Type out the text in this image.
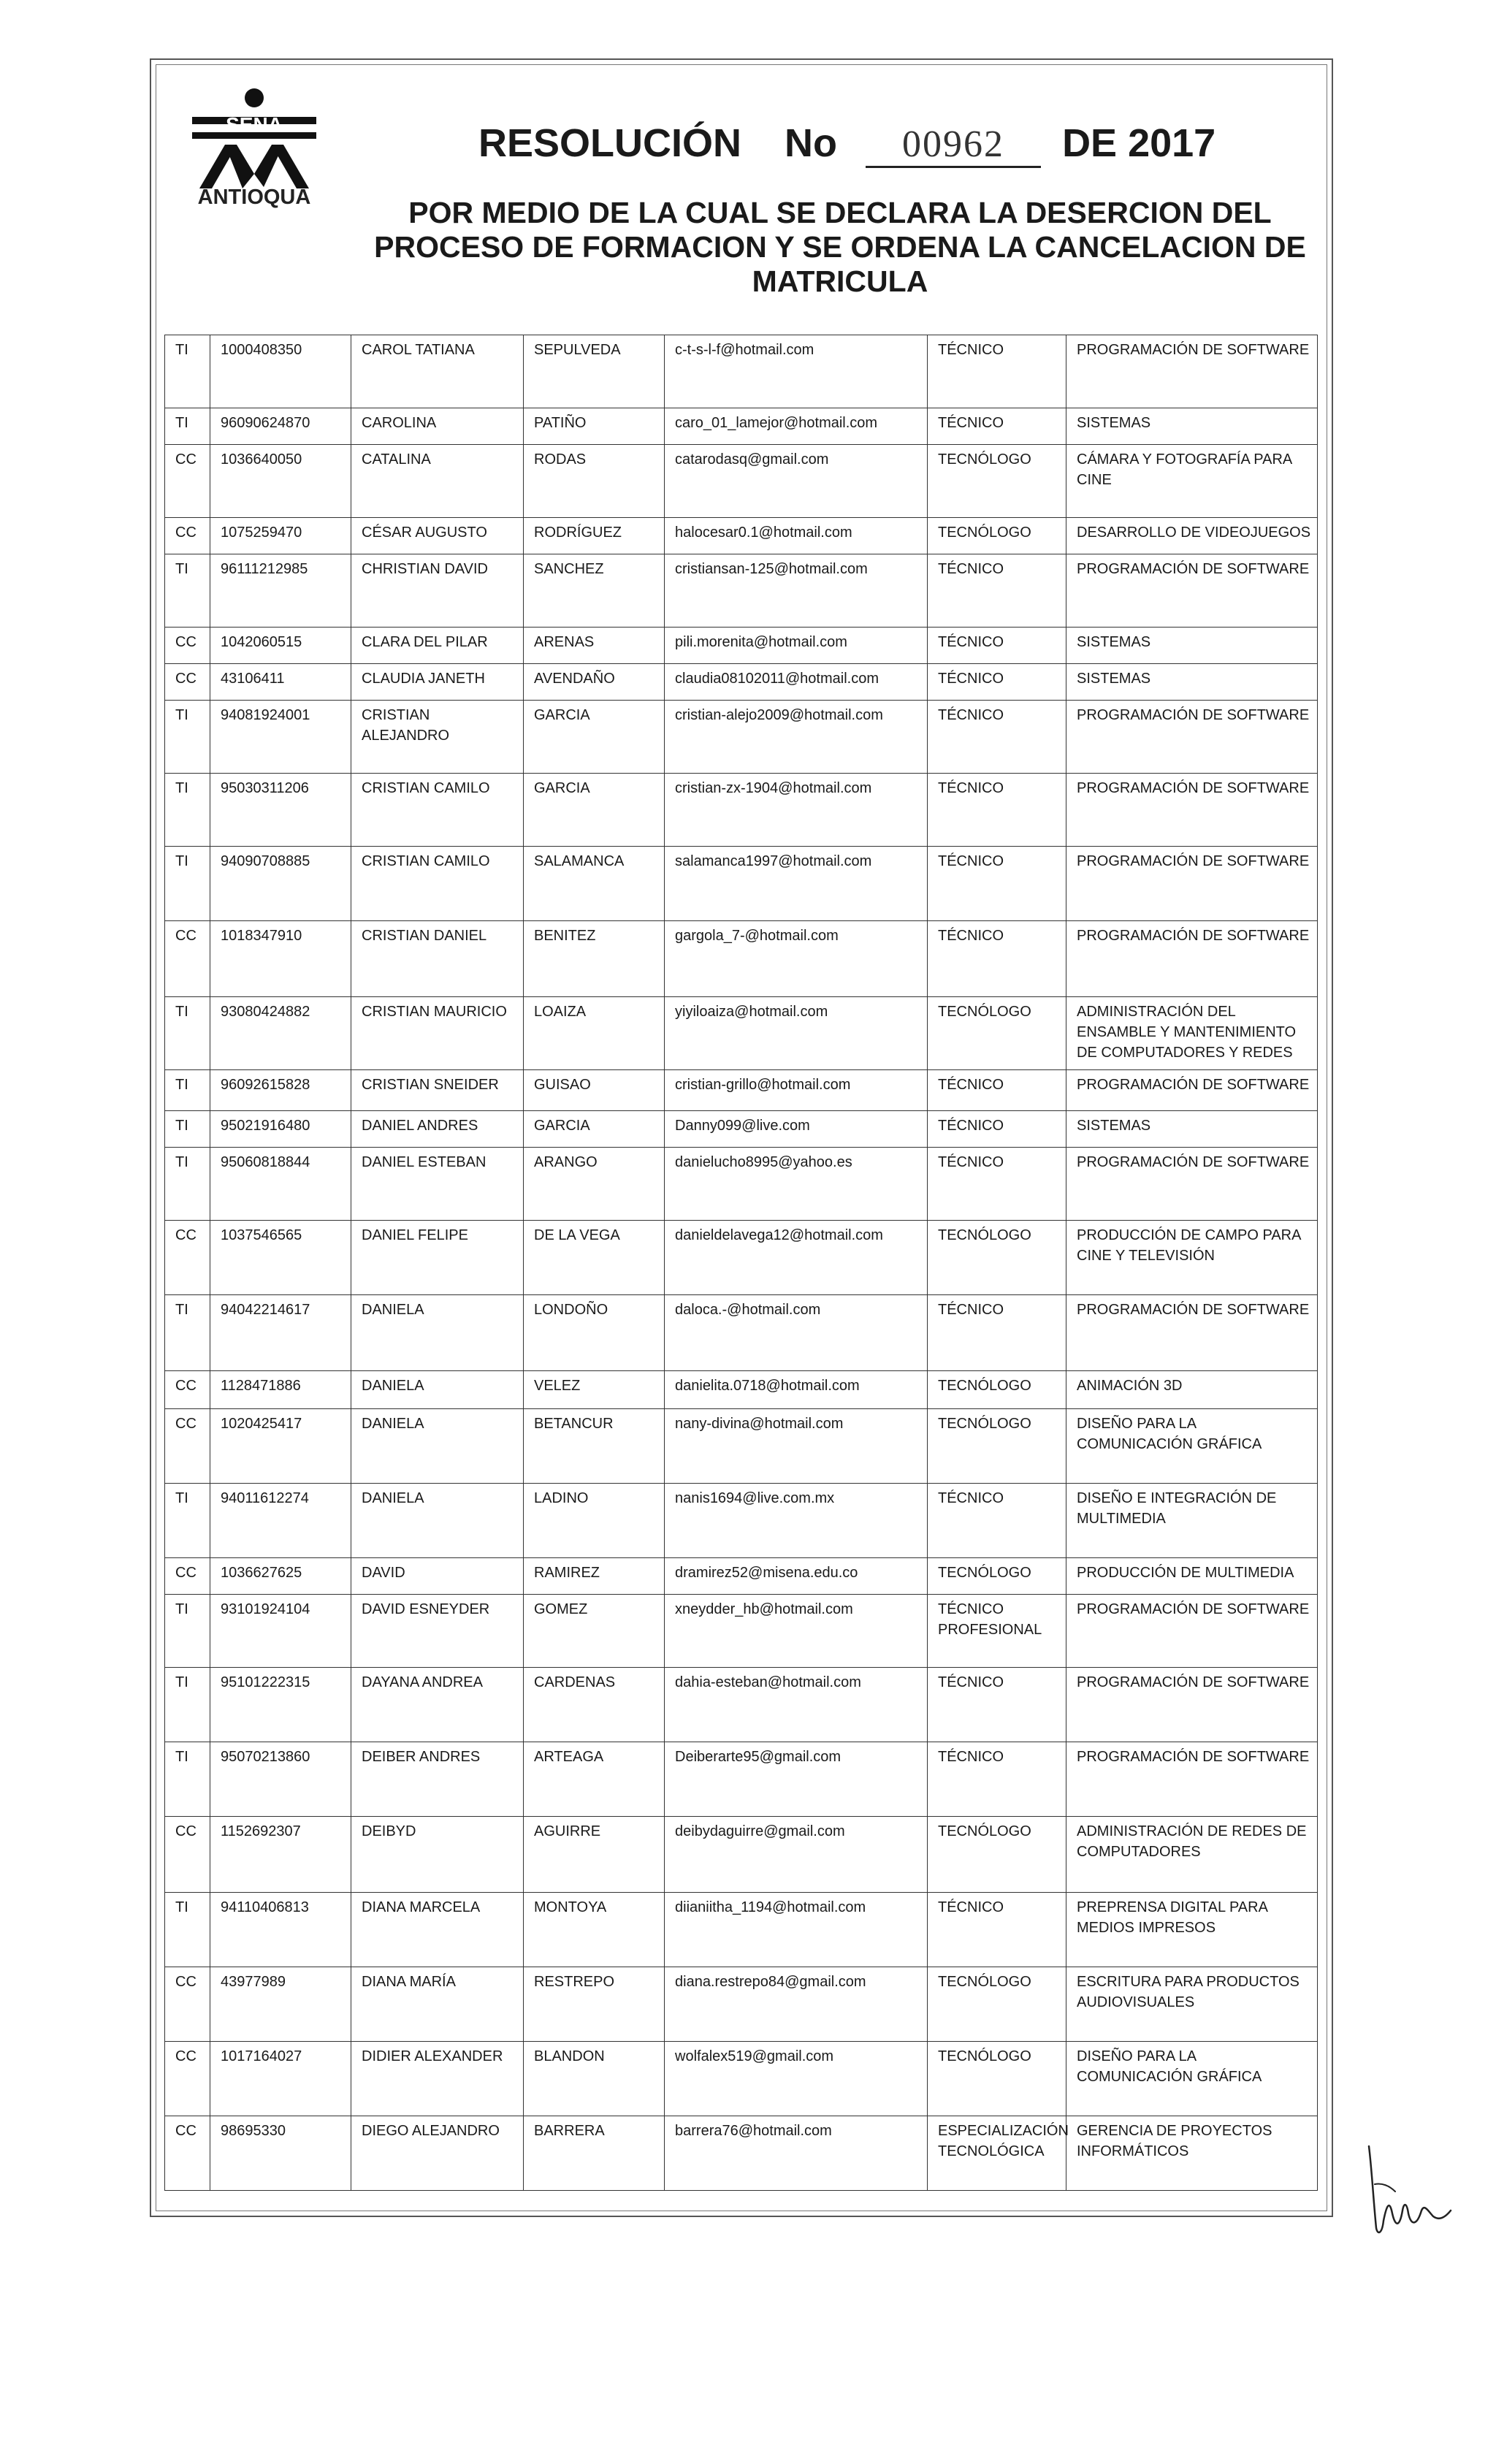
SENA
ANTIOQUA
RESOLUCIÓN No 00962 DE 2017
POR MEDIO DE LA CUAL SE DECLARA LA DESERCION DEL
PROCESO DE FORMACION Y SE ORDENA LA CANCELACION DE
MATRICULA
TI	1000408350	CAROL TATIANA	SEPULVEDA	c-t-s-l-f@hotmail.com	TÉCNICO	PROGRAMACIÓN DE SOFTWARE
TI	96090624870	CAROLINA	PATIÑO	caro_01_lamejor@hotmail.com	TÉCNICO	SISTEMAS
CC	1036640050	CATALINA	RODAS	catarodasq@gmail.com	TECNÓLOGO	CÁMARA Y FOTOGRAFÍA PARA CINE
CC	1075259470	CÉSAR AUGUSTO	RODRÍGUEZ	halocesar0.1@hotmail.com	TECNÓLOGO	DESARROLLO DE VIDEOJUEGOS
TI	96111212985	CHRISTIAN DAVID	SANCHEZ	cristiansan-125@hotmail.com	TÉCNICO	PROGRAMACIÓN DE SOFTWARE
CC	1042060515	CLARA DEL PILAR	ARENAS	pili.morenita@hotmail.com	TÉCNICO	SISTEMAS
CC	43106411	CLAUDIA JANETH	AVENDAÑO	claudia08102011@hotmail.com	TÉCNICO	SISTEMAS
TI	94081924001	CRISTIAN ALEJANDRO	GARCIA	cristian-alejo2009@hotmail.com	TÉCNICO	PROGRAMACIÓN DE SOFTWARE
TI	95030311206	CRISTIAN CAMILO	GARCIA	cristian-zx-1904@hotmail.com	TÉCNICO	PROGRAMACIÓN DE SOFTWARE
TI	94090708885	CRISTIAN CAMILO	SALAMANCA	salamanca1997@hotmail.com	TÉCNICO	PROGRAMACIÓN DE SOFTWARE
CC	1018347910	CRISTIAN DANIEL	BENITEZ	gargola_7-@hotmail.com	TÉCNICO	PROGRAMACIÓN DE SOFTWARE
TI	93080424882	CRISTIAN MAURICIO	LOAIZA	yiyiloaiza@hotmail.com	TECNÓLOGO	ADMINISTRACIÓN DEL ENSAMBLE Y MANTENIMIENTO DE COMPUTADORES Y REDES
TI	96092615828	CRISTIAN SNEIDER	GUISAO	cristian-grillo@hotmail.com	TÉCNICO	PROGRAMACIÓN DE SOFTWARE
TI	95021916480	DANIEL ANDRES	GARCIA	Danny099@live.com	TÉCNICO	SISTEMAS
TI	95060818844	DANIEL ESTEBAN	ARANGO	danielucho8995@yahoo.es	TÉCNICO	PROGRAMACIÓN DE SOFTWARE
CC	1037546565	DANIEL FELIPE	DE LA VEGA	danieldelavega12@hotmail.com	TECNÓLOGO	PRODUCCIÓN DE CAMPO PARA CINE Y TELEVISIÓN
TI	94042214617	DANIELA	LONDOÑO	daloca.-@hotmail.com	TÉCNICO	PROGRAMACIÓN DE SOFTWARE
CC	1128471886	DANIELA	VELEZ	danielita.0718@hotmail.com	TECNÓLOGO	ANIMACIÓN 3D
CC	1020425417	DANIELA	BETANCUR	nany-divina@hotmail.com	TECNÓLOGO	DISEÑO PARA LA COMUNICACIÓN GRÁFICA
TI	94011612274	DANIELA	LADINO	nanis1694@live.com.mx	TÉCNICO	DISEÑO E INTEGRACIÓN DE MULTIMEDIA
CC	1036627625	DAVID	RAMIREZ	dramirez52@misena.edu.co	TECNÓLOGO	PRODUCCIÓN DE MULTIMEDIA
TI	93101924104	DAVID ESNEYDER	GOMEZ	xneydder_hb@hotmail.com	TÉCNICO PROFESIONAL	PROGRAMACIÓN DE SOFTWARE
TI	95101222315	DAYANA ANDREA	CARDENAS	dahia-esteban@hotmail.com	TÉCNICO	PROGRAMACIÓN DE SOFTWARE
TI	95070213860	DEIBER ANDRES	ARTEAGA	Deiberarte95@gmail.com	TÉCNICO	PROGRAMACIÓN DE SOFTWARE
CC	1152692307	DEIBYD	AGUIRRE	deibydaguirre@gmail.com	TECNÓLOGO	ADMINISTRACIÓN DE REDES DE COMPUTADORES
TI	94110406813	DIANA MARCELA	MONTOYA	diianiitha_1194@hotmail.com	TÉCNICO	PREPRENSA DIGITAL PARA MEDIOS IMPRESOS
CC	43977989	DIANA MARÍA	RESTREPO	diana.restrepo84@gmail.com	TECNÓLOGO	ESCRITURA PARA PRODUCTOS AUDIOVISUALES
CC	1017164027	DIDIER ALEXANDER	BLANDON	wolfalex519@gmail.com	TECNÓLOGO	DISEÑO PARA LA COMUNICACIÓN GRÁFICA
CC	98695330	DIEGO ALEJANDRO	BARRERA	barrera76@hotmail.com	ESPECIALIZACIÓN TECNOLÓGICA	GERENCIA DE PROYECTOS INFORMÁTICOS
